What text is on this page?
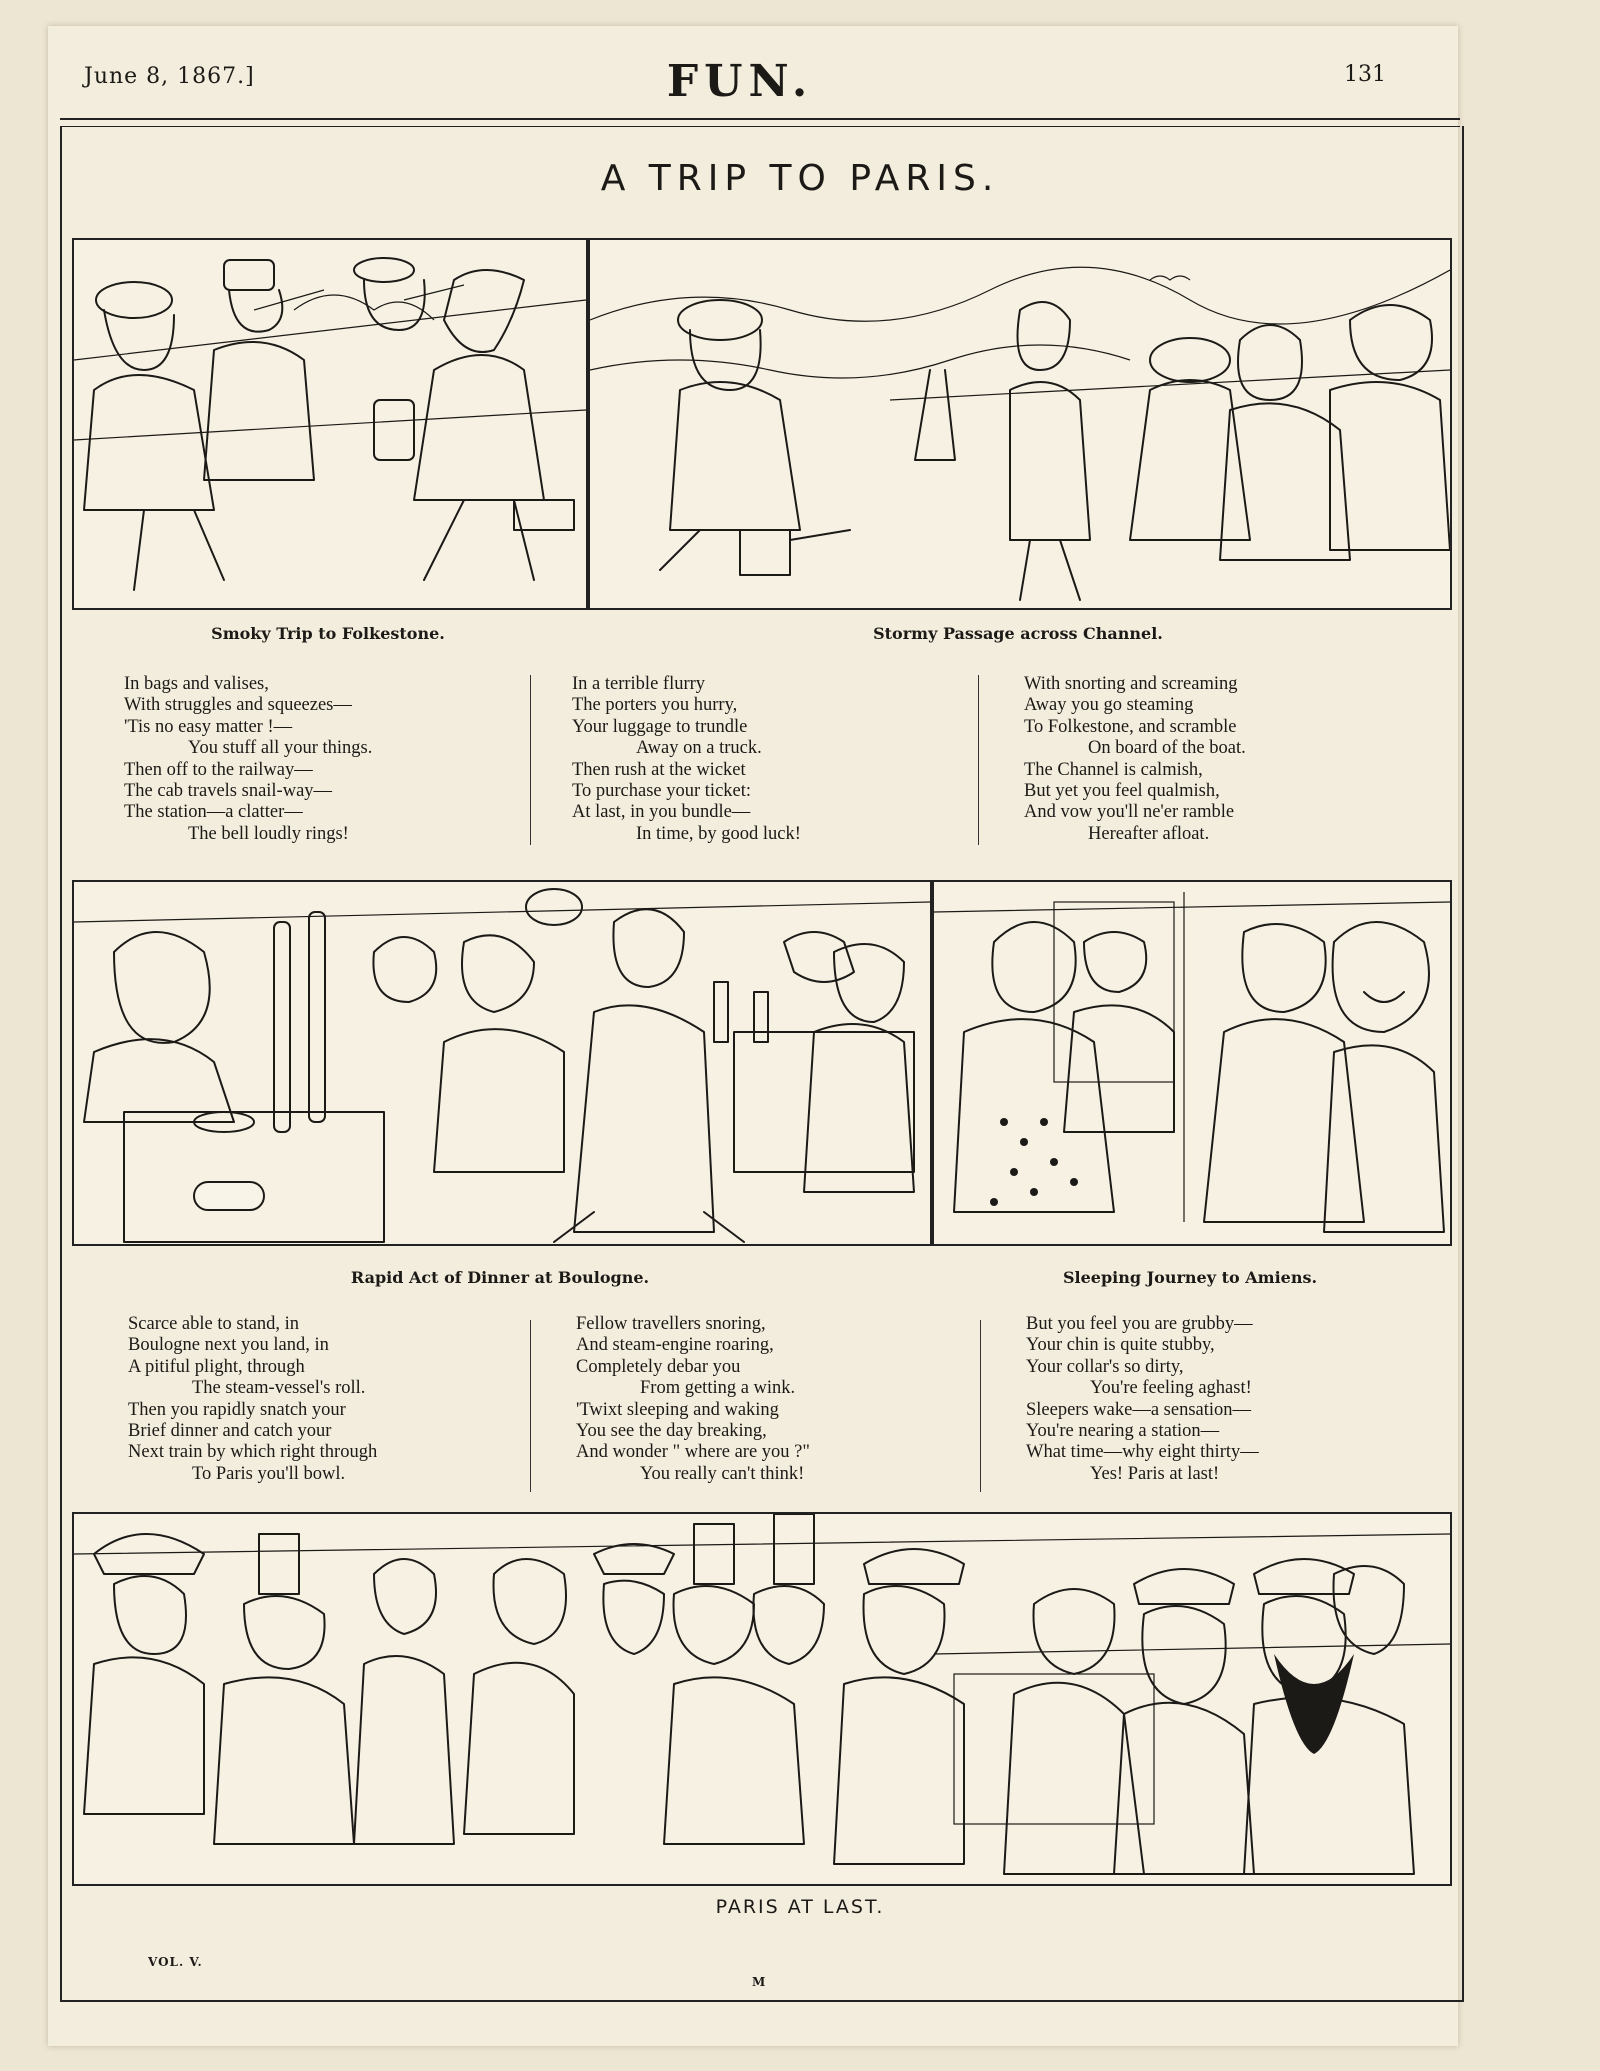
June 8, 1867.]	FUN.	131
A TRIP TO PARIS.
Smoky Trip to Folkestone.	Stormy Passage across Channel.
In bags and valises,
With struggles and squeezes—
'Tis no easy matter !—
You stuff all your things.
Then off to the railway—
The cab travels snail-way—
The station—a clatter—
The bell loudly rings!
In a terrible flurry
The porters you hurry,
Your luggage to trundle
Away on a truck.
Then rush at the wicket
To purchase your ticket:
At last, in you bundle—
In time, by good luck!
With snorting and screaming
Away you go steaming
To Folkestone, and scramble
On board of the boat.
The Channel is calmish,
But yet you feel qualmish,
And vow you'll ne'er ramble
Hereafter afloat.
Rapid Act of Dinner at Boulogne.	Sleeping Journey to Amiens.
Scarce able to stand, in
Boulogne next you land, in
A pitiful plight, through
The steam-vessel's roll.
Then you rapidly snatch your
Brief dinner and catch your
Next train by which right through
To Paris you'll bowl.
Fellow travellers snoring,
And steam-engine roaring,
Completely debar you
From getting a wink.
'Twixt sleeping and waking
You see the day breaking,
And wonder " where are you ?"
You really can't think!
But you feel you are grubby—
Your chin is quite stubby,
Your collar's so dirty,
You're feeling aghast!
Sleepers wake—a sensation—
You're nearing a station—
What time—why eight thirty—
Yes! Paris at last!
PARIS AT LAST.
VOL. V.
M
